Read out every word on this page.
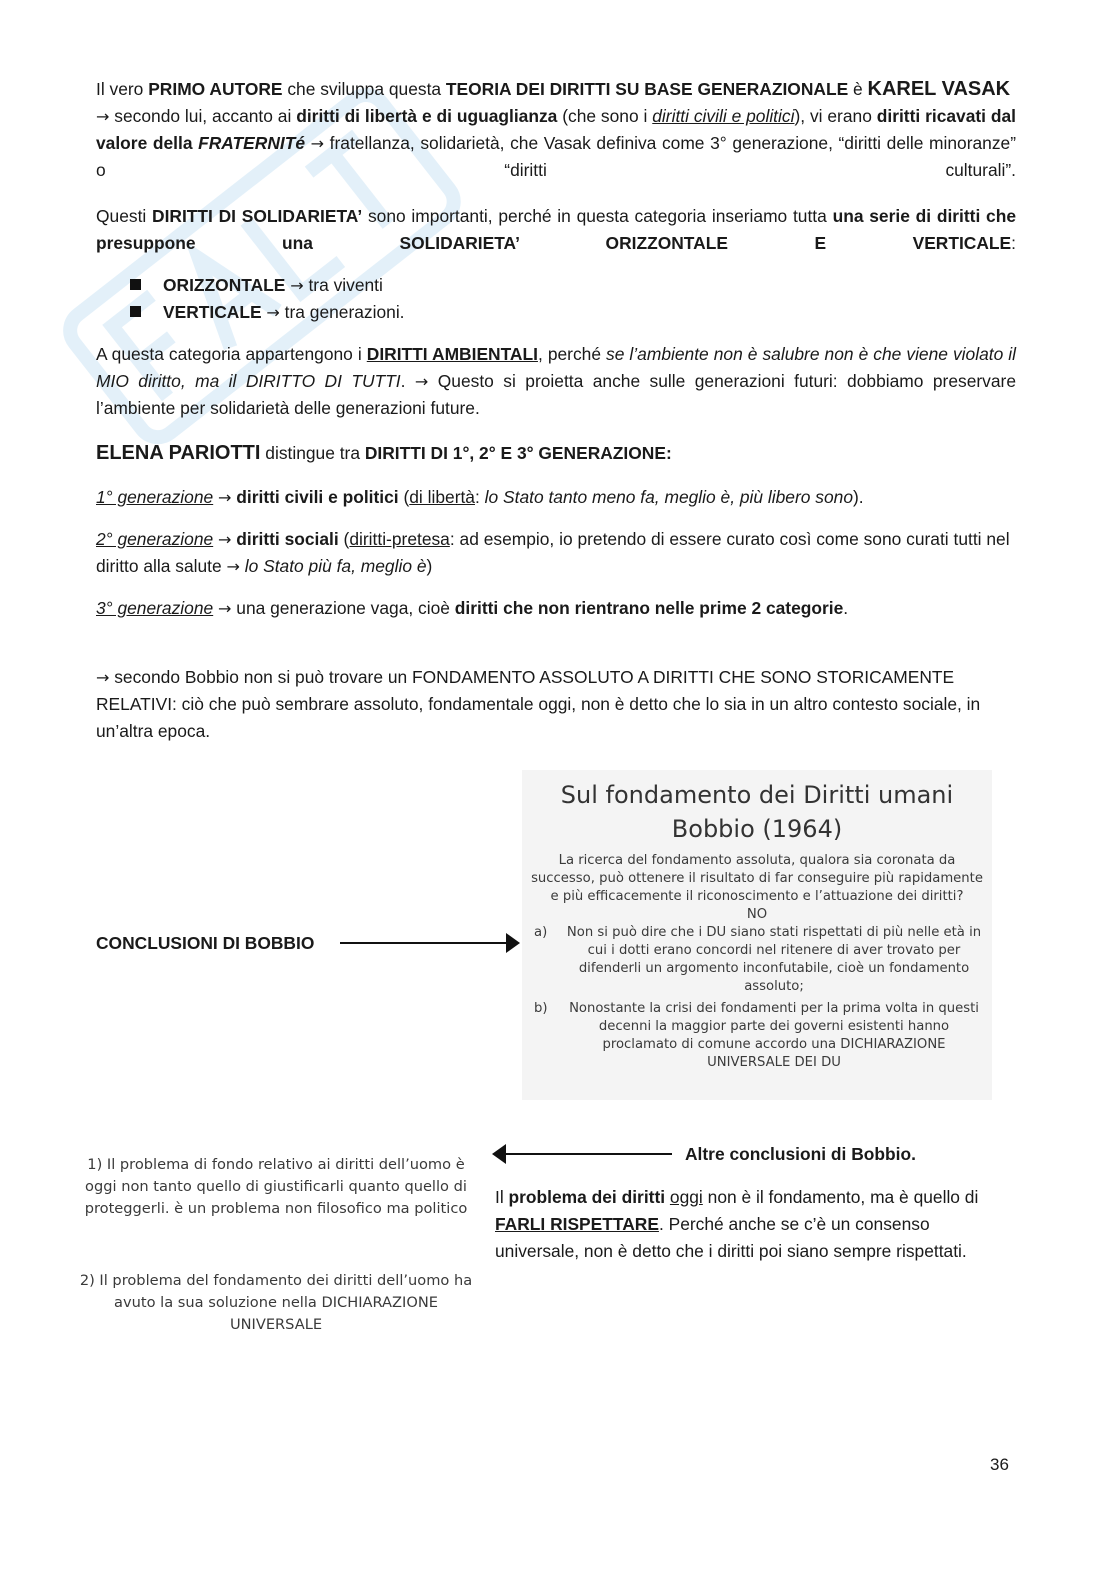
Il vero PRIMO AUTORE che sviluppa questa TEORIA DEI DIRITTI SU BASE GENERAZIONALE è KAREL VASAK
→ secondo lui, accanto ai diritti di libertà e di uguaglianza (che sono i diritti civili e politici), vi erano diritti ricavati dal valore della FRATERNITé → fratellanza, solidarietà, che Vasak definiva come 3° generazione, “diritti delle minoranze” o “diritti culturali”.

Questi DIRITTI DI SOLIDARIETA’ sono importanti, perché in questa categoria inseriamo tutta una serie di diritti che presuppone una SOLIDARIETA’ ORIZZONTALE E VERTICALE:

ORIZZONTALE → tra viventi
VERTICALE → tra generazioni.

A questa categoria appartengono i DIRITTI AMBIENTALI, perché se l’ambiente non è salubre non è che viene violato il MIO diritto, ma il DIRITTO DI TUTTI. → Questo si proietta anche sulle generazioni futuri: dobbiamo preservare l’ambiente per solidarietà delle generazioni future.

ELENA PARIOTTI distingue tra DIRITTI DI 1°, 2° E 3° GENERAZIONE:

1° generazione → diritti civili e politici (di libertà: lo Stato tanto meno fa, meglio è, più libero sono).

2° generazione → diritti sociali (diritti-pretesa: ad esempio, io pretendo di essere curato così come sono curati tutti nel diritto alla salute → lo Stato più fa, meglio è)

3° generazione → una generazione vaga, cioè diritti che non rientrano nelle prime 2 categorie.

→ secondo Bobbio non si può trovare un FONDAMENTO ASSOLUTO A DIRITTI CHE SONO STORICAMENTE RELATIVI: ciò che può sembrare assoluto, fondamentale oggi, non è detto che lo sia in un altro contesto sociale, in un’altra epoca.

Sul fondamento dei Diritti umani
Bobbio (1964)
La ricerca del fondamento assoluta, qualora sia coronata da successo, può ottenere il risultato di far conseguire più rapidamente e più efficacemente il riconoscimento e l’attuazione dei diritti?
NO
a) Non si può dire che i DU siano stati rispettati di più nelle età in cui i dotti erano concordi nel ritenere di aver trovato per difenderli un argomento inconfutabile, cioè un fondamento assoluto;
b) Nonostante la crisi dei fondamenti per la prima volta in questi decenni la maggior parte dei governi esistenti hanno proclamato di comune accordo una DICHIARAZIONE UNIVERSALE DEI DU
CONCLUSIONI DI BOBBIO
Altre conclusioni di Bobbio.
1) Il problema di fondo relativo ai diritti dell’uomo è oggi non tanto quello di giustificarli quanto quello di proteggerli. è un problema non filosofico ma politico
2) Il problema del fondamento dei diritti dell’uomo ha avuto la sua soluzione nella DICHIARAZIONE UNIVERSALE

Il problema dei diritti oggi non è il fondamento, ma è quello di FARLI RISPETTARE. Perché anche se c’è un consenso universale, non è detto che i diritti poi siano sempre rispettati.

36
